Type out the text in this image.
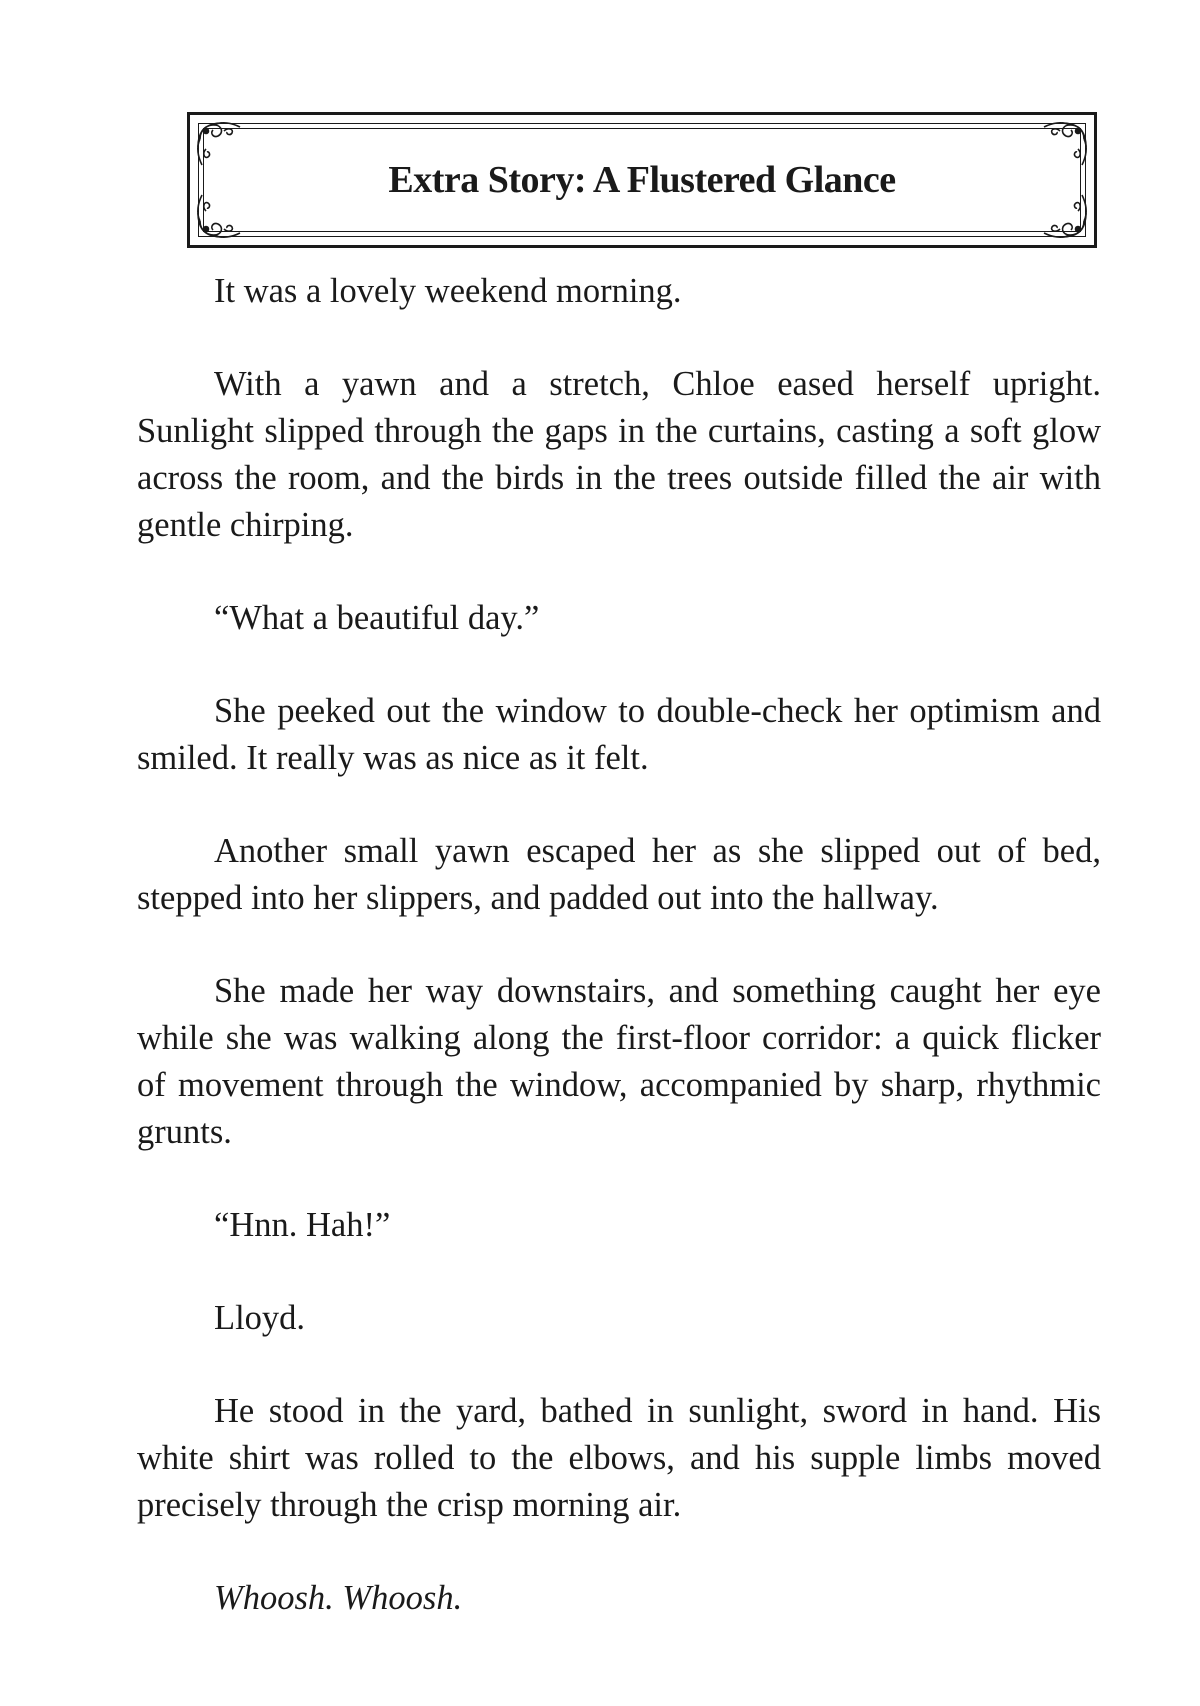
Extra Story: A Flustered Glance

It was a lovely weekend morning.

With a yawn and a stretch, Chloe eased herself upright. Sunlight slipped through the gaps in the curtains, casting a soft glow across the room, and the birds in the trees outside filled the air with gentle chirping.

“What a beautiful day.”

She peeked out the window to double-check her optimism and smiled. It really was as nice as it felt.

Another small yawn escaped her as she slipped out of bed, stepped into her slippers, and padded out into the hallway.

She made her way downstairs, and something caught her eye while she was walking along the first-floor corridor: a quick flicker of movement through the window, accompanied by sharp, rhythmic grunts.

“Hnn. Hah!”

Lloyd.

He stood in the yard, bathed in sunlight, sword in hand. His white shirt was rolled to the elbows, and his supple limbs moved precisely through the crisp morning air.

Whoosh. Whoosh.
